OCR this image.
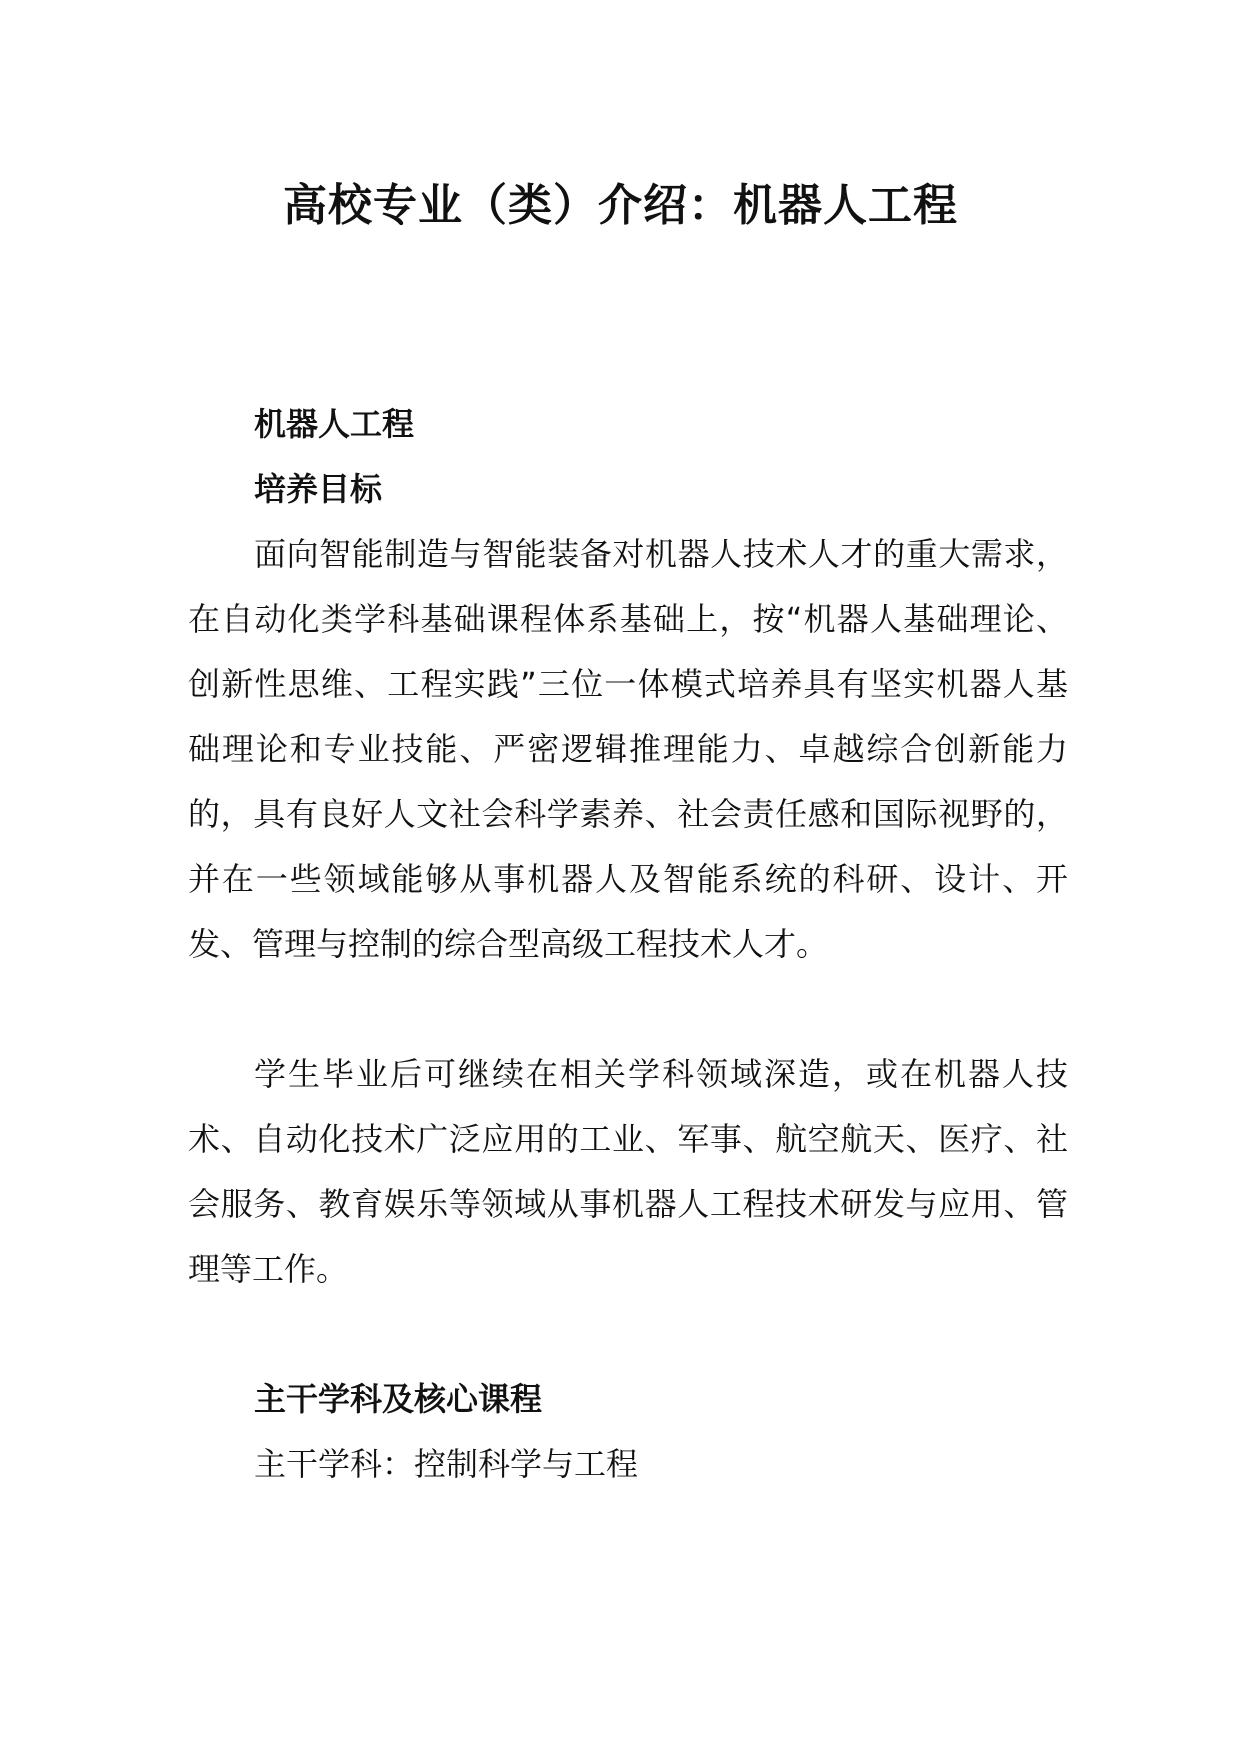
高校专业（类）介绍：机器人工程

机器人工程

培养目标

面向智能制造与智能装备对机器人技术人才的重大需求，在自动化类学科基础课程体系基础上，按“机器人基础理论、创新性思维、工程实践”三位一体模式培养具有坚实机器人基础理论和专业技能、严密逻辑推理能力、卓越综合创新能力的，具有良好人文社会科学素养、社会责任感和国际视野的，并在一些领域能够从事机器人及智能系统的科研、设计、开发、管理与控制的综合型高级工程技术人才。

学生毕业后可继续在相关学科领域深造，或在机器人技术、自动化技术广泛应用的工业、军事、航空航天、医疗、社会服务、教育娱乐等领域从事机器人工程技术研发与应用、管理等工作。

主干学科及核心课程

主干学科：控制科学与工程
